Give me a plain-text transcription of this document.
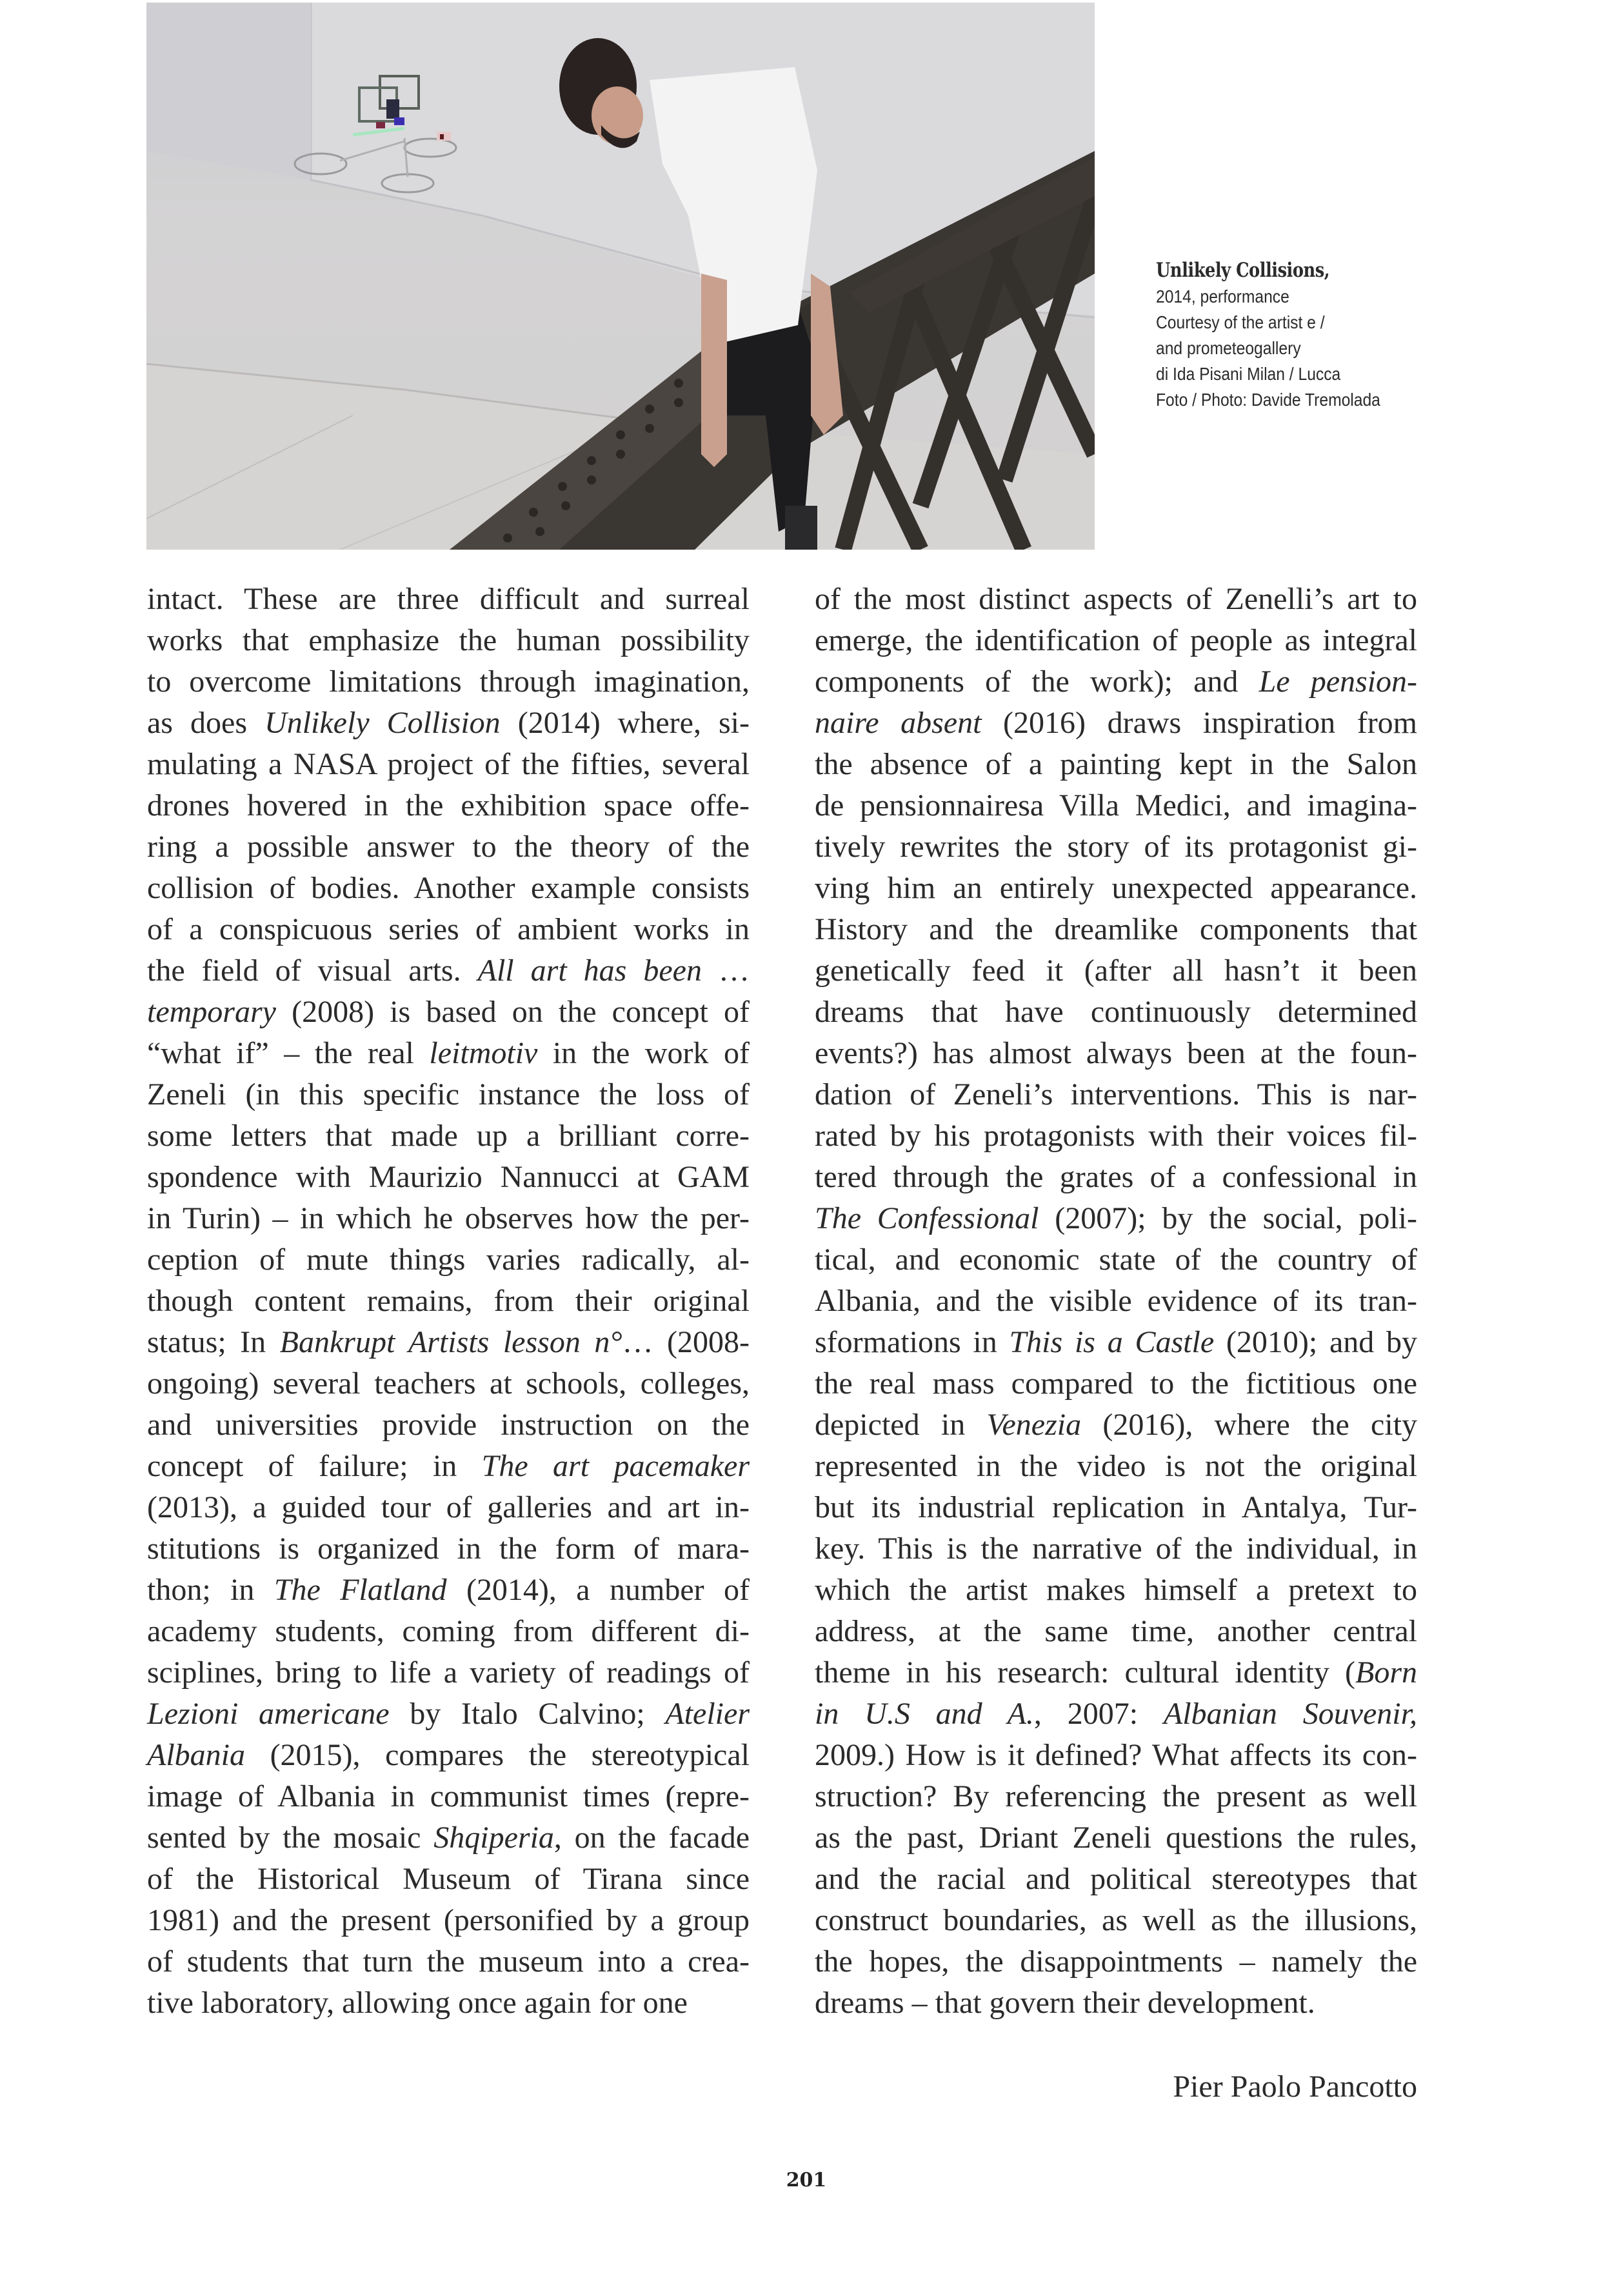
Unlikely Collisions,
2014, performance
Courtesy of the artist e /
and prometeogallery
di Ida Pisani Milan / Lucca
Foto / Photo: Davide Tremolada
intact. These are three difficult and surreal
works that emphasize the human possibility
to overcome limitations through imagination,
as does Unlikely Collision (2014) where, si-
mulating a NASA project of the fifties, several
drones hovered in the exhibition space offe-
ring a possible answer to the theory of the
collision of bodies. Another example consists
of a conspicuous series of ambient works in
the field of visual arts. All art has been …
temporary (2008) is based on the concept of
“what if” – the real leitmotiv in the work of
Zeneli (in this specific instance the loss of
some letters that made up a brilliant corre-
spondence with Maurizio Nannucci at GAM
in Turin) – in which he observes how the per-
ception of mute things varies radically, al-
though content remains, from their original
status; In Bankrupt Artists lesson n°… (2008-
ongoing) several teachers at schools, colleges,
and universities provide instruction on the
concept of failure; in The art pacemaker
(2013), a guided tour of galleries and art in-
stitutions is organized in the form of mara-
thon; in The Flatland (2014), a number of
academy students, coming from different di-
sciplines, bring to life a variety of readings of
Lezioni americane by Italo Calvino; Atelier
Albania (2015), compares the stereotypical
image of Albania in communist times (repre-
sented by the mosaic Shqiperia, on the facade
of the Historical Museum of Tirana since
1981) and the present (personified by a group
of students that turn the museum into a crea-
tive laboratory, allowing once again for one
of the most distinct aspects of Zenelli’s art to
emerge, the identification of people as integral
components of the work); and Le pension-
naire absent (2016) draws inspiration from
the absence of a painting kept in the Salon
de pensionnairesa Villa Medici, and imagina-
tively rewrites the story of its protagonist gi-
ving him an entirely unexpected appearance.
History and the dreamlike components that
genetically feed it (after all hasn’t it been
dreams that have continuously determined
events?) has almost always been at the foun-
dation of Zeneli’s interventions. This is nar-
rated by his protagonists with their voices fil-
tered through the grates of a confessional in
The Confessional (2007); by the social, poli-
tical, and economic state of the country of
Albania, and the visible evidence of its tran-
sformations in This is a Castle (2010); and by
the real mass compared to the fictitious one
depicted in Venezia (2016), where the city
represented in the video is not the original
but its industrial replication in Antalya, Tur-
key. This is the narrative of the individual, in
which the artist makes himself a pretext to
address, at the same time, another central
theme in his research: cultural identity (Born
in U.S and A., 2007: Albanian Souvenir,
2009.) How is it defined? What affects its con-
struction? By referencing the present as well
as the past, Driant Zeneli questions the rules,
and the racial and political stereotypes that
construct boundaries, as well as the illusions,
the hopes, the disappointments – namely the
dreams – that govern their development.
Pier Paolo Pancotto
201
